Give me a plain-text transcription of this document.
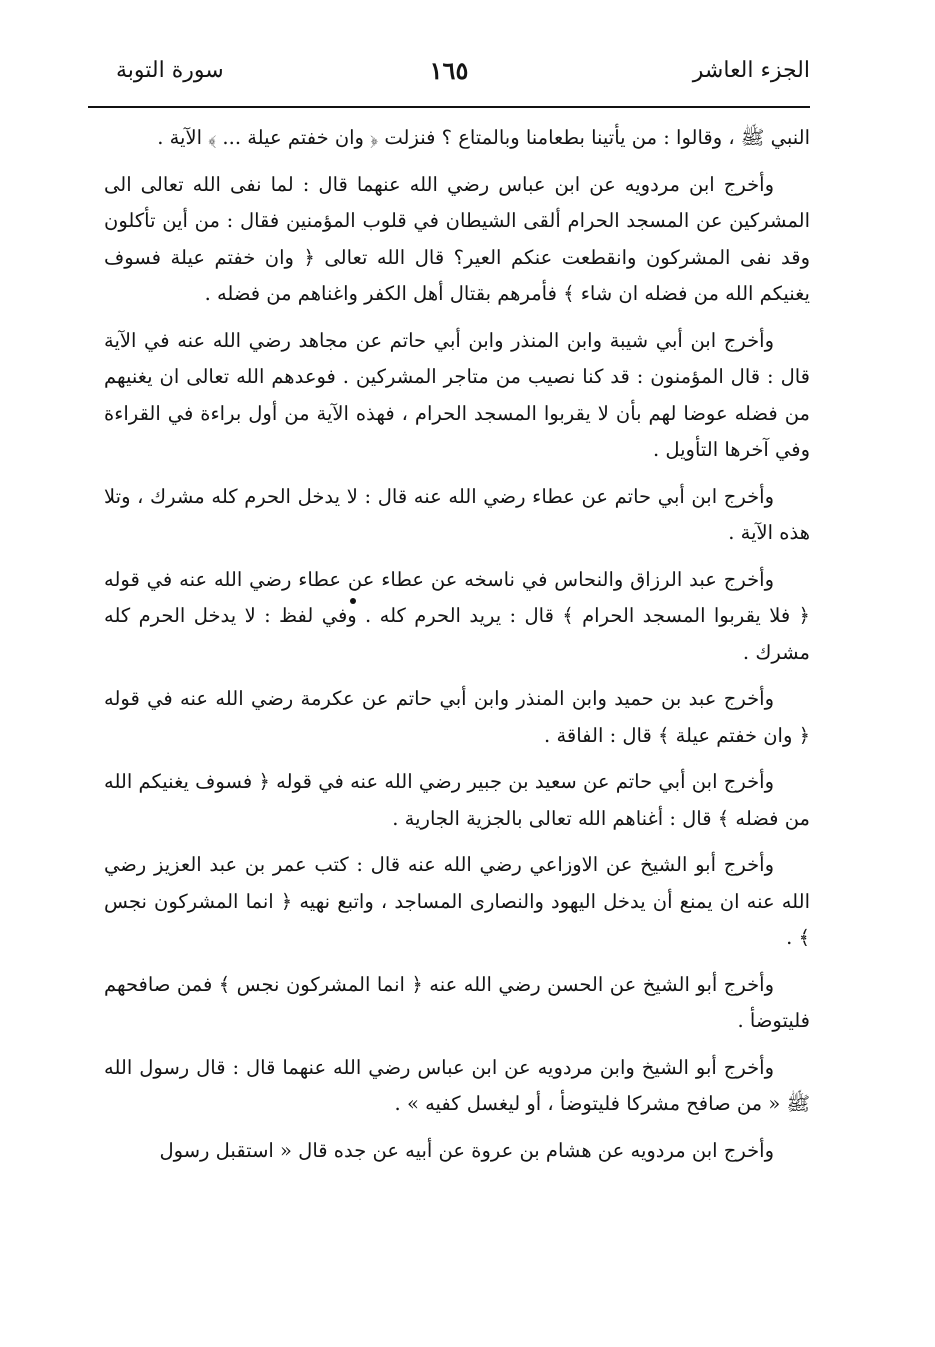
الجزء العاشر
١٦٥
سورة التوبة

النبي ﷺ ، وقالوا : من يأتينا بطعامنا وبالمتاع ؟ فنزلت ﴿ وان خفتم عيلة ... ﴾ الآية .

وأخرج ابن مردويه عن ابن عباس رضي الله عنهما قال : لما نفى الله تعالى الى المشركين عن المسجد الحرام ألقى الشيطان في قلوب المؤمنين فقال : من أين تأكلون وقد نفى المشركون وانقطعت عنكم العير؟ قال الله تعالى ﴿ وان خفتم عيلة فسوف يغنيكم الله من فضله ان شاء ﴾ فأمرهم بقتال أهل الكفر واغناهم من فضله .

وأخرج ابن أبي شيبة وابن المنذر وابن أبي حاتم عن مجاهد رضي الله عنه في الآية قال : قال المؤمنون : قد كنا نصيب من متاجر المشركين . فوعدهم الله تعالى ان يغنيهم من فضله عوضا لهم بأن لا يقربوا المسجد الحرام ، فهذه الآية من أول براءة في القراءة وفي آخرها التأويل .

وأخرج ابن أبي حاتم عن عطاء رضي الله عنه قال : لا يدخل الحرم كله مشرك ، وتلا هذه الآية .

وأخرج عبد الرزاق والنحاس في ناسخه عن عطاء عن عطاء رضي الله عنه في قوله ﴿ فلا يقربوا المسجد الحرام ﴾ قال : يريد الحرم كله . وفي لفظ : لا يدخل الحرم كله مشرك .

وأخرج عبد بن حميد وابن المنذر وابن أبي حاتم عن عكرمة رضي الله عنه في قوله ﴿ وان خفتم عيلة ﴾ قال : الفاقة .

وأخرج ابن أبي حاتم عن سعيد بن جبير رضي الله عنه في قوله ﴿ فسوف يغنيكم الله من فضله ﴾ قال : أغناهم الله تعالى بالجزية الجارية .

وأخرج أبو الشيخ عن الاوزاعي رضي الله عنه قال : كتب عمر بن عبد العزيز رضي الله عنه ان يمنع أن يدخل اليهود والنصارى المساجد ، واتبع نهيه ﴿ انما المشركون نجس ﴾ .

وأخرج أبو الشيخ عن الحسن رضي الله عنه ﴿ انما المشركون نجس ﴾ فمن صافحهم فليتوضأ .

وأخرج أبو الشيخ وابن مردويه عن ابن عباس رضي الله عنهما قال : قال رسول الله ﷺ « من صافح مشركا فليتوضأ ، أو ليغسل كفيه » .

وأخرج ابن مردويه عن هشام بن عروة عن أبيه عن جده قال « استقبل رسول
